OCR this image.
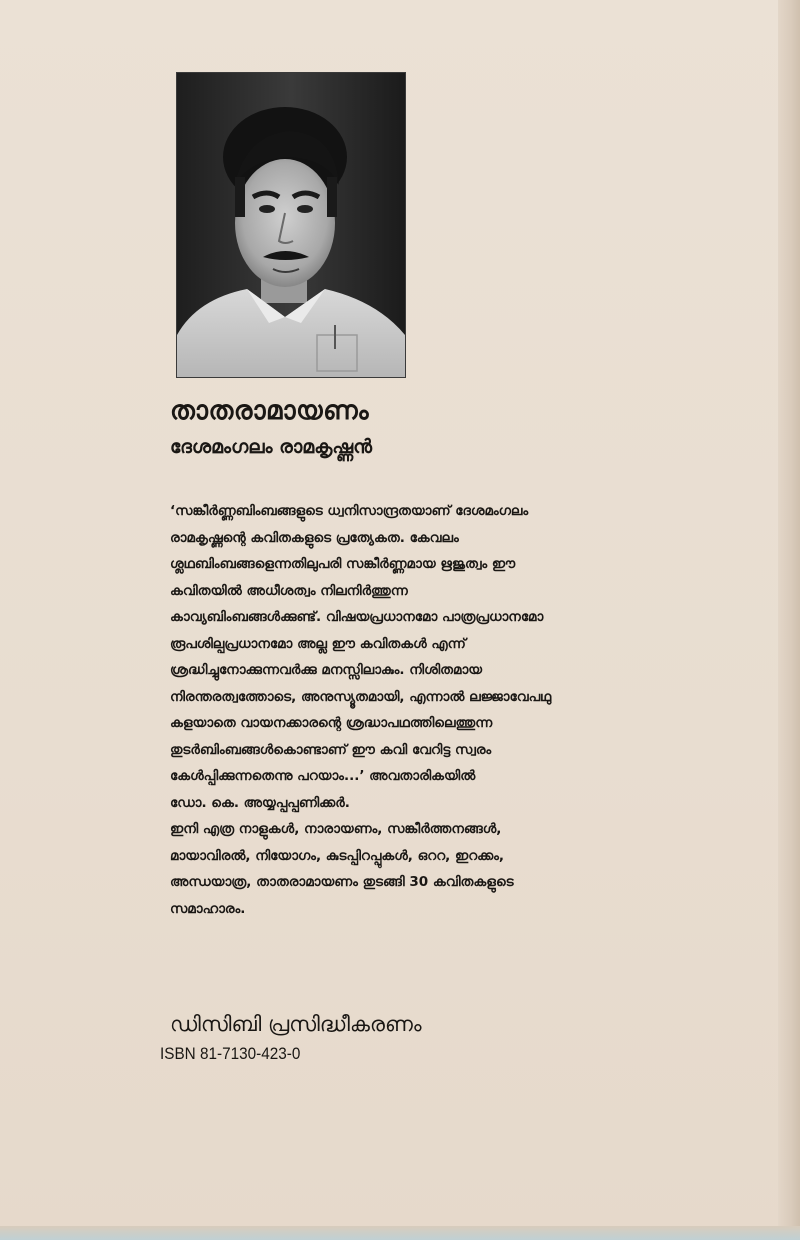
താതരാമായണം
ദേശമംഗലം രാമകൃഷ്ണൻ
‘സങ്കീർണ്ണബിംബങ്ങളുടെ ധ്വനിസാന്ദ്രതയാണ് ദേശമംഗലം
രാമകൃഷ്ണന്റെ കവിതകളുടെ പ്രത്യേകത. കേവലം
ശ്ലഥബിംബങ്ങളെന്നതിലുപരി സങ്കീർണ്ണമായ ഋജുത്വം ഈ
കവിതയിൽ അധീശത്വം നിലനിർത്തുന്ന
കാവ്യബിംബങ്ങൾക്കുണ്ട്. വിഷയപ്രധാനമോ പാത്രപ്രധാനമോ
രൂപശില്പപ്രധാനമോ അല്ല ഈ കവിതകൾ എന്ന്
ശ്രദ്ധിച്ചുനോക്കുന്നവർക്കു മനസ്സിലാകും. നിശിതമായ
നിരന്തരത്വത്തോടെ, അനുസ്യൂതമായി, എന്നാൽ ലജ്ജാവേപഥു
കളയാതെ വായനക്കാരന്റെ ശ്രദ്ധാപഥത്തിലെത്തുന്ന
തുടർബിംബങ്ങൾകൊണ്ടാണ് ഈ കവി വേറിട്ട സ്വരം
കേൾപ്പിക്കുന്നതെന്നു പറയാം...’ അവതാരികയിൽ
ഡോ. കെ. അയ്യപ്പപ്പണിക്കർ.
ഇനി എത്ര നാളുകൾ, നാരായണം, സങ്കീർത്തനങ്ങൾ,
മായാവിരൽ, നിയോഗം, കുടപ്പിറപ്പുകൾ, ഒററ, ഇറക്കം,
അന്ധയാത്ര, താതരാമായണം തുടങ്ങി 30 കവിതകളുടെ
സമാഹാരം.
ഡിസിബി പ്രസിദ്ധീകരണം
ISBN 81-7130-423-0
